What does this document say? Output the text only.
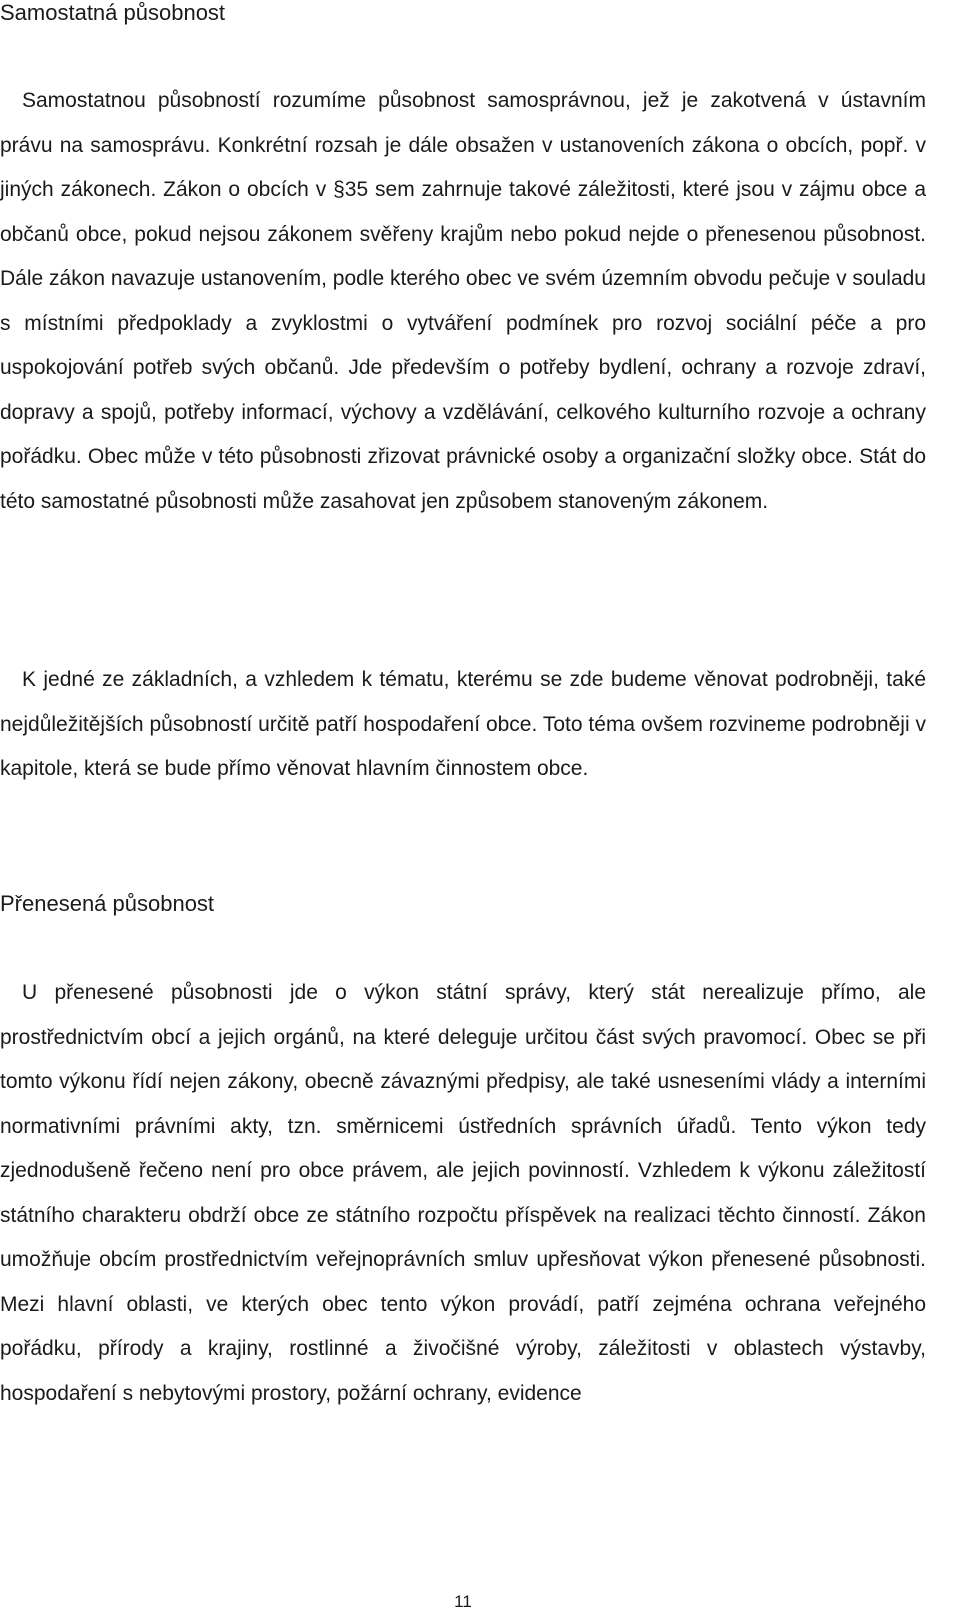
Samostatná působnost

Samostatnou působností rozumíme působnost samosprávnou, jež je zakotvená v ústavním právu na samosprávu. Konkrétní rozsah je dále obsažen v ustanoveních zákona o obcích, popř. v jiných zákonech. Zákon o obcích v §35 sem zahrnuje takové záležitosti, které jsou v zájmu obce a občanů obce, pokud nejsou zákonem svěřeny krajům nebo pokud nejde o přenesenou působnost. Dále zákon navazuje ustanovením, podle kterého obec ve svém územním obvodu pečuje v souladu s místními předpoklady a zvyklostmi o vytváření podmínek pro rozvoj sociální péče a pro uspokojování potřeb svých občanů. Jde především o potřeby bydlení, ochrany a rozvoje zdraví, dopravy a spojů, potřeby informací, výchovy a vzdělávání, celkového kulturního rozvoje a ochrany pořádku. Obec může v této působnosti zřizovat právnické osoby a organizační složky obce. Stát do této samostatné působnosti může zasahovat jen způsobem stanoveným zákonem.

K jedné ze základních, a vzhledem k tématu, kterému se zde budeme věnovat podrobněji, také nejdůležitějších působností určitě patří hospodaření obce. Toto téma ovšem rozvineme podrobněji v kapitole, která se bude přímo věnovat hlavním činnostem obce.

Přenesená působnost

U přenesené působnosti jde o výkon státní správy, který stát nerealizuje přímo, ale prostřednictvím obcí a jejich orgánů, na které deleguje určitou část svých pravomocí. Obec se při tomto výkonu řídí nejen zákony, obecně závaznými předpisy, ale také usneseními vlády a interními normativními právními akty, tzn. směrnicemi ústředních správních úřadů. Tento výkon tedy zjednodušeně řečeno není pro obce právem, ale jejich povinností. Vzhledem k výkonu záležitostí státního charakteru obdrží obce ze státního rozpočtu příspěvek na realizaci těchto činností. Zákon umožňuje obcím prostřednictvím veřejnoprávních smluv upřesňovat výkon přenesené působnosti. Mezi hlavní oblasti, ve kterých obec tento výkon provádí, patří zejména ochrana veřejného pořádku, přírody a krajiny, rostlinné a živočišné výroby, záležitosti v oblastech výstavby, hospodaření s nebytovými prostory, požární ochrany, evidence

11
